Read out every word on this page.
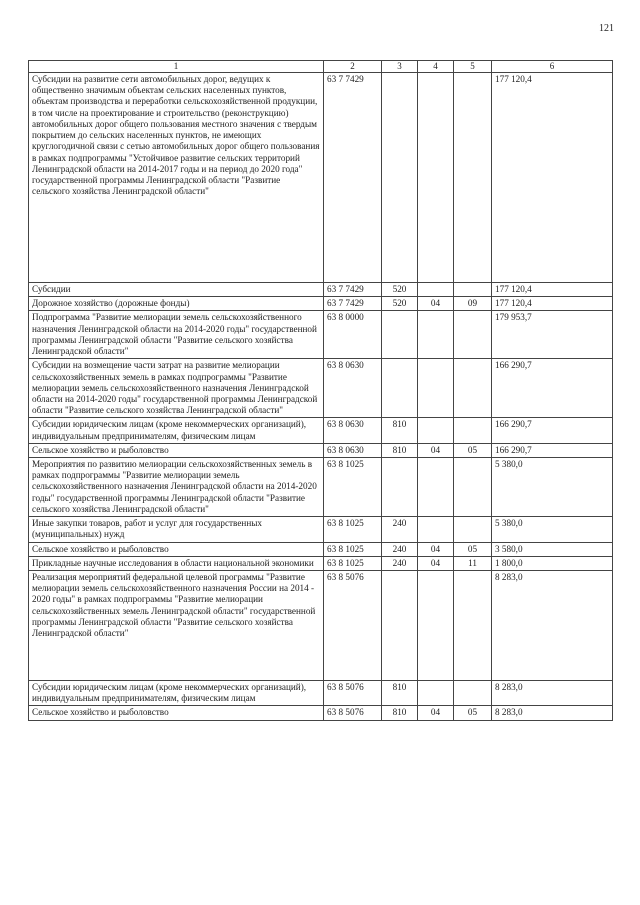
121
1	2	3	4	5	6
Субсидии на развитие сети автомобильных дорог, ведущих к общественно значимым объектам сельских населенных пунктов, объектам производства и переработки сельскохозяйственной продукции, в том числе на проектирование и строительство (реконструкцию) автомобильных дорог общего пользования местного значения с твердым покрытием до сельских населенных пунктов, не имеющих круглогодичной связи с сетью автомобильных дорог общего пользования в рамках подпрограммы "Устойчивое развитие сельских территорий Ленинградской области на 2014-2017 годы и на период до 2020 года" государственной программы Ленинградской области "Развитие сельского хозяйства Ленинградской области"	63 7 7429				177 120,4
Субсидии	63 7 7429	520			177 120,4
Дорожное хозяйство (дорожные фонды)	63 7 7429	520	04	09	177 120,4
Подпрограмма "Развитие мелиорации земель сельскохозяйственного назначения Ленинградской области на 2014-2020 годы" государственной программы Ленинградской области "Развитие сельского хозяйства Ленинградской области"	63 8 0000				179 953,7
Субсидии на возмещение части затрат на развитие мелиорации сельскохозяйственных земель в рамках подпрограммы "Развитие мелиорации земель сельскохозяйственного назначения Ленинградской области на 2014-2020 годы" государственной программы Ленинградской области "Развитие сельского хозяйства Ленинградской области"	63 8 0630				166 290,7
Субсидии юридическим лицам (кроме некоммерческих организаций), индивидуальным предпринимателям, физическим лицам	63 8 0630	810			166 290,7
Сельское хозяйство и рыболовство	63 8 0630	810	04	05	166 290,7
Мероприятия по развитию мелиорации сельскохозяйственных земель в рамках подпрограммы "Развитие мелиорации земель сельскохозяйственного назначения Ленинградской области на 2014-2020 годы" государственной программы Ленинградской области "Развитие сельского хозяйства Ленинградской области"	63 8 1025				5 380,0
Иные закупки товаров, работ и услуг для государственных (муниципальных) нужд	63 8 1025	240			5 380,0
Сельское хозяйство и рыболовство	63 8 1025	240	04	05	3 580,0
Прикладные научные исследования в области национальной экономики	63 8 1025	240	04	11	1 800,0
Реализация мероприятий федеральной целевой программы "Развитие мелиорации земель сельскохозяйственного назначения России на 2014 - 2020 годы" в рамках подпрограммы "Развитие мелиорации сельскохозяйственных земель Ленинградской области" государственной программы Ленинградской области "Развитие сельского хозяйства Ленинградской области"	63 8 5076				8 283,0
Субсидии юридическим лицам (кроме некоммерческих организаций), индивидуальным предпринимателям, физическим лицам	63 8 5076	810			8 283,0
Сельское хозяйство и рыболовство	63 8 5076	810	04	05	8 283,0
